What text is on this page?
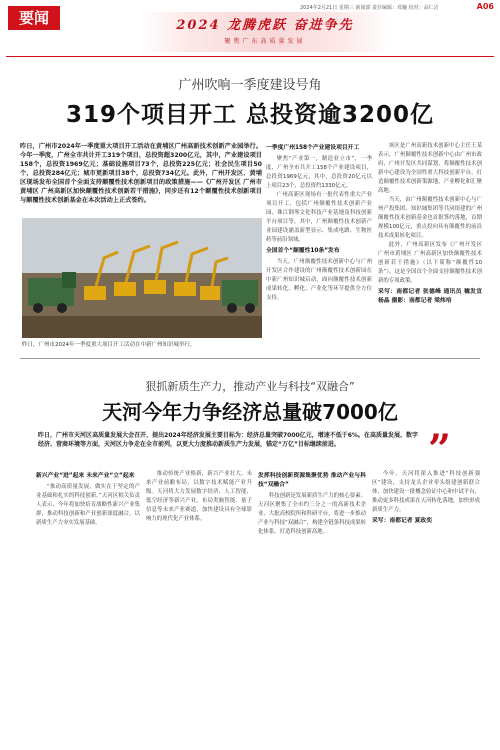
要闻	2024 龙腾虎跃 奋进争先
聚焦广东高质量发展
2024年2月21日 星期三 新闻部 责任编辑：邓巍 校对：高仁洁	A06
广州吹响一季度建设号角
319个项目开工 总投资逾3200亿
昨日，广州市2024年一季度重大项目开工活动在黄埔区广州高新技术创新产业园举行。今年一季度，广州全市共计开工319个项目，总投资超3200亿元，其中，产业建设项目158个，总投资1969亿元；基础设施项目73个，总投资225亿元；社会民生项目50个，总投资284亿元；城市更新项目38个，总投资734亿元。此外，广州开发区、黄埔区现场发布全国首个全面支持颠覆性技术创新项目的政策措施——《广州开发区 广州市黄埔区 广州高新区加快颠覆性技术创新若干措施》，同步还有12个颠覆性技术创新项目与颠覆性技术创新基金在本次活动上正式签约。
昨日，广州市2024年一季度重大项目开工活动在中新广州知识城举行。
一季度广州158个产业建设项目开工

聚焦“产业第一，制造业立市”，一季度，广州全市共开工158个产业建设项目，总投资1969亿元，其中，总投资20亿元以上项目23个，总投资约1330亿元。

广州高新区现场有一批代表性重大产业项目开工，包括广州颠覆性技术创新产业园、珠江钢琴文化科技产业基地及科技创新平台项目等，其中，广州颠覆性技术创新产业园建设涵盖新型显示、集成电路、生物医药等前沿领域。

全国首个“颠覆性10条”发布

当天，广州颠覆性技术创新中心与广州开发区合作建设的广州颠覆性技术创新园在中新广州知识城启动，面向颠覆性技术创新成果转化、孵化、产业化等环节提供全方位支持。

该区是广州高新技术创新中心主任王某表示，广州颠覆性技术创新中心由广州市政府、广州开发区共同谋划，将颠覆性技术创新中心建设为全国性重大科技创新平台，打造颠覆性技术创新策源地、产业孵化和汇聚高地。

当天，由广州颠覆性技术创新中心与广州产投集团、知识城集团等共同组建的广州颠覆性技术创新基金也首批签约落地，首期规模100亿元，重点投向具有颠覆性的前沿技术成果转化项目。

此外，广州高新区发布《广州开发区 广州市黄埔区 广州高新区加快颠覆性技术创新若干措施》（以下简称“颠覆性10条”），这是全国首个全面支持颠覆性技术创新的专项政策。

采写：南都记者 张德峰 通讯员 穗发宣 杨晶 摄影：南都记者 梁炜培
狠抓新质生产力，推动产业与科技“双融合”
天河今年力争经济总量破7000亿
昨日，广州市天河区高质量发展大会召开，提出2024年经济发展主要目标为：经济总量突破7000亿元，增速不低于6%。在高质量发展、数字经济、营商环境等方面，天河区力争走在全市前列，以更大力度推动新质生产力发展，锚定“万亿”目标继续前进。	”
新兴产业“进”起来 未来产业“立”起来

“推动高质量发展，做实在于坚定的产业基础和扎实的科技创新。”天河区相关负责人表示，今年将加快培育战略性新兴产业集群，推动科技创新和产业创新深度融合，以新质生产力夯实发展基础。

推动传统产业焕新，新兴产业壮大，未来产业前瞻布局，以数字技术赋能产业升级。天河将大力发展数字经济、人工智能、低空经济等新兴产业，布局类脑智能、量子信息等未来产业赛道，加快建设具有全球影响力的现代化产业体系。

发挥科技创新资源集聚优势 推动产业与科技“双融合”

科技创新是发展新质生产力的核心要素。天河区聚集了全市约三分之一的高新技术企业、大批高校院所和科研平台，将进一步推动产业与科技“双融合”，构建全链条科技成果转化体系，打造科技创新高地。

今年，天河将深入推进“科技创新强区”建设，支持龙头企业牵头组建创新联合体，加快建设一批概念验证中心和中试平台，推动更多科技成果在天河转化落地，加快形成新质生产力。

采写：南都记者 夏政奕
